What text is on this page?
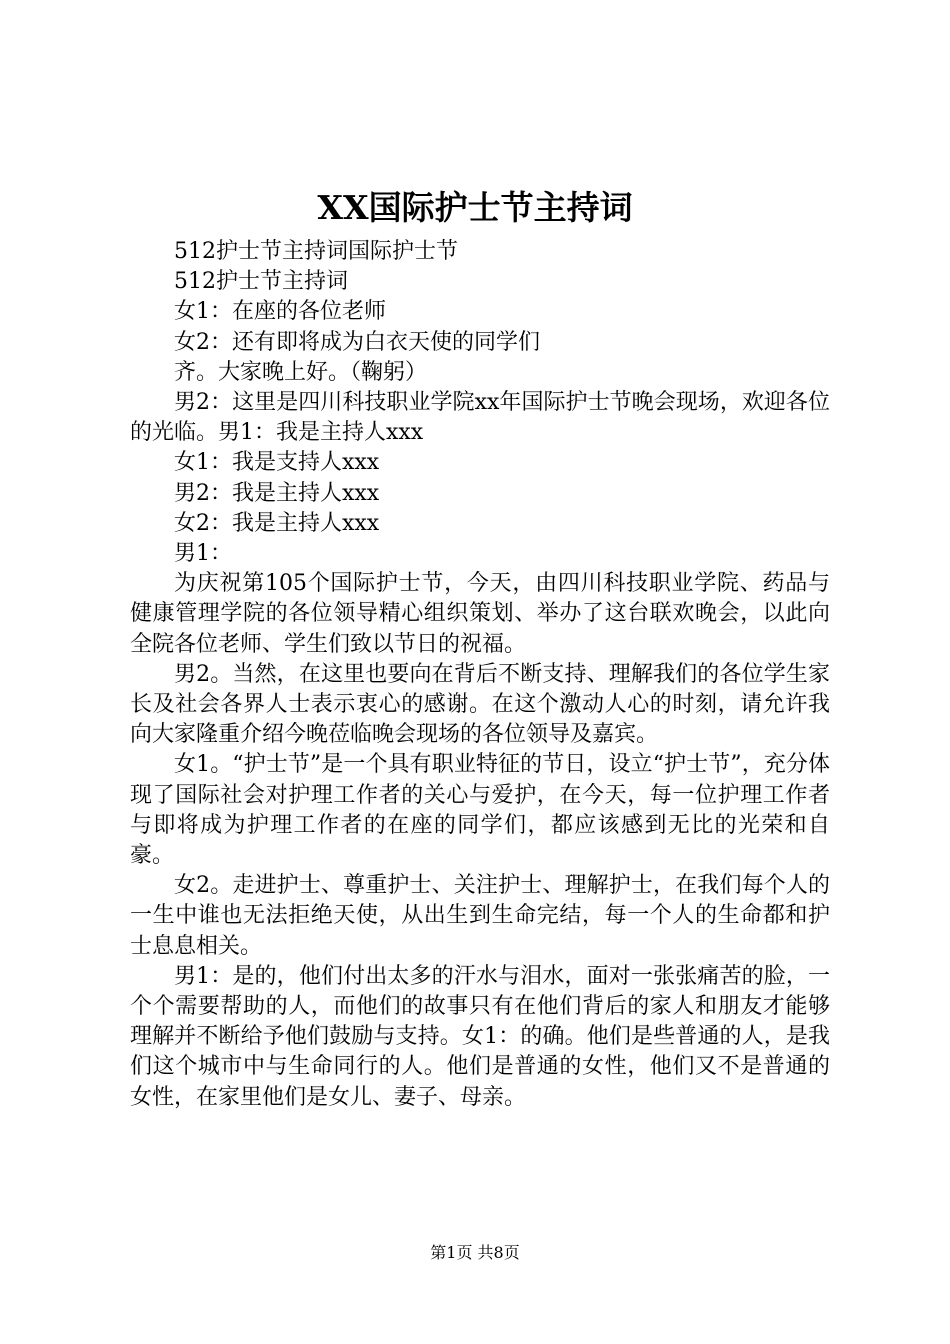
XX国际护士节主持词

512护士节主持词国际护士节

512护士节主持词

女1：在座的各位老师

女2：还有即将成为白衣天使的同学们

齐。大家晚上好。（鞠躬）

男2：这里是四川科技职业学院xx年国际护士节晚会现场，欢迎各位的光临。男1：我是主持人xxx

女1：我是支持人xxx

男2：我是主持人xxx

女2：我是主持人xxx

男1：

为庆祝第105个国际护士节，今天，由四川科技职业学院、药品与健康管理学院的各位领导精心组织策划、举办了这台联欢晚会，以此向全院各位老师、学生们致以节日的祝福。

男2。当然，在这里也要向在背后不断支持、理解我们的各位学生家长及社会各界人士表示衷心的感谢。在这个激动人心的时刻，请允许我向大家隆重介绍今晚莅临晚会现场的各位领导及嘉宾。

女1。“护士节”是一个具有职业特征的节日，设立“护士节”，充分体现了国际社会对护理工作者的关心与爱护，在今天，每一位护理工作者与即将成为护理工作者的在座的同学们，都应该感到无比的光荣和自豪。

女2。走进护士、尊重护士、关注护士、理解护士，在我们每个人的一生中谁也无法拒绝天使，从出生到生命完结，每一个人的生命都和护士息息相关。

男1：是的，他们付出太多的汗水与泪水，面对一张张痛苦的脸，一个个需要帮助的人，而他们的故事只有在他们背后的家人和朋友才能够理解并不断给予他们鼓励与支持。女1：的确。他们是些普通的人，是我们这个城市中与生命同行的人。他们是普通的女性，他们又不是普通的女性，在家里他们是女儿、妻子、母亲。

第1页 共8页
